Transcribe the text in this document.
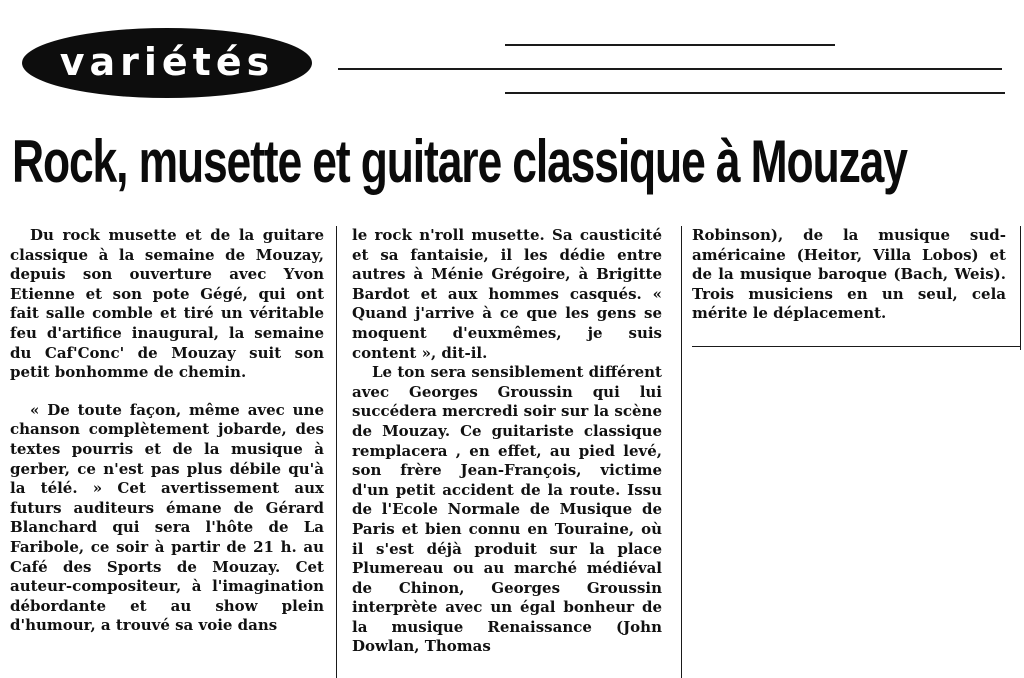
variétés
Rock, musette et guitare classique à Mouzay

Du rock musette et de la guitare classique à la semaine de Mouzay, depuis son ouverture avec Yvon Etienne et son pote Gégé, qui ont fait salle comble et tiré un véritable feu d'artifice inaugural, la semaine du Caf'Conc' de Mouzay suit son petit bonhomme de chemin.

« De toute façon, même avec une chanson complètement jobarde, des textes pourris et de la musique à gerber, ce n'est pas plus débile qu'à la télé. » Cet avertissement aux futurs auditeurs émane de Gérard Blanchard qui sera l'hôte de La Faribole, ce soir à partir de 21 h. au Café des Sports de Mouzay. Cet auteur-compositeur, à l'imagination débordante et au show plein d'humour, a trouvé sa voie dans

le rock n'roll musette. Sa causticité et sa fantaisie, il les dédie entre autres à Ménie Grégoire, à Brigitte Bardot et aux hommes casqués. « Quand j'arrive à ce que les gens se moquent d'euxmêmes, je suis content », dit-il.

Le ton sera sensiblement différent avec Georges Groussin qui lui succédera mercredi soir sur la scène de Mouzay. Ce guitariste classique remplacera , en effet, au pied levé, son frère Jean-François, victime d'un petit accident de la route. Issu de l'Ecole Normale de Musique de Paris et bien connu en Touraine, où il s'est déjà produit sur la place Plumereau ou au marché médiéval de Chinon, Georges Groussin interprète avec un égal bonheur de la musique Renaissance (John Dowlan, Thomas

Robinson), de la musique sud-américaine (Heitor, Villa Lobos) et de la musique baroque (Bach, Weis). Trois musiciens en un seul, cela mérite le déplacement.
